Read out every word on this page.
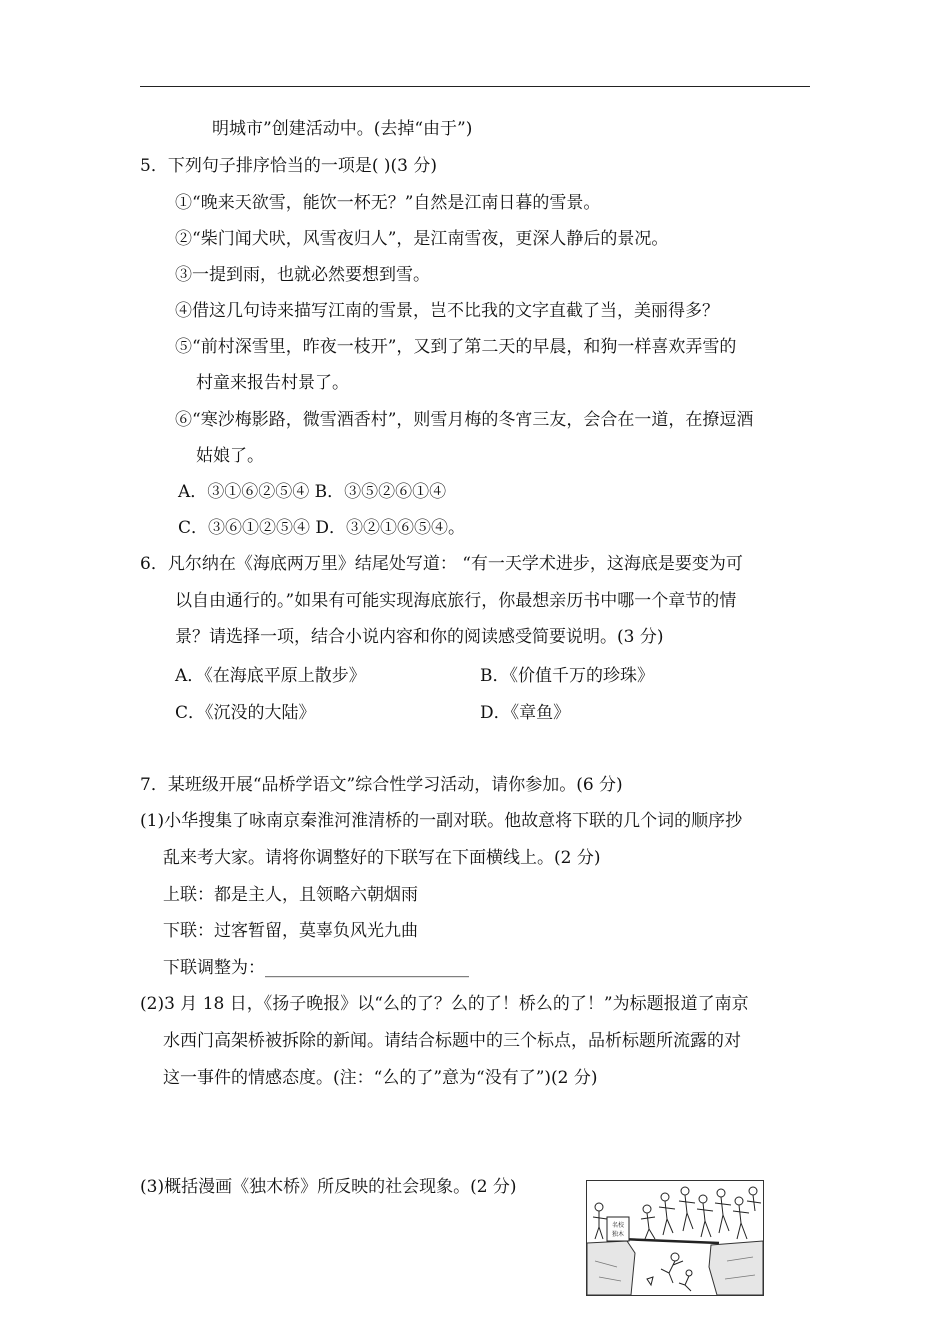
明城市”创建活动中。(去掉“由于”)
5．下列句子排序恰当的一项是( )(3 分)
①“晚来天欲雪，能饮一杯无？”自然是江南日暮的雪景。
②“柴门闻犬吠，风雪夜归人”，是江南雪夜，更深人静后的景况。
③一提到雨，也就必然要想到雪。
④借这几句诗来描写江南的雪景，岂不比我的文字直截了当，美丽得多？
⑤“前村深雪里，昨夜一枝开”，又到了第二天的早晨，和狗一样喜欢弄雪的
村童来报告村景了。
⑥“寒沙梅影路，微雪酒香村”，则雪月梅的冬宵三友，会合在一道，在撩逗酒
姑娘了。
A．③①⑥②⑤④ B．③⑤②⑥①④
C．③⑥①②⑤④ D．③②①⑥⑤④。
6．凡尔纳在《海底两万里》结尾处写道： “有一天学术进步，这海底是要变为可
以自由通行的。”如果有可能实现海底旅行，你最想亲历书中哪一个章节的情
景？请选择一项，结合小说内容和你的阅读感受简要说明。(3 分)
A．《在海底平原上散步》	B．《价值千万的珍珠》
C．《沉没的大陆》	D．《章鱼》
7．某班级开展“品桥学语文”综合性学习活动，请你参加。(6 分)
(1)小华搜集了咏南京秦淮河淮清桥的一副对联。他故意将下联的几个词的顺序抄
乱来考大家。请将你调整好的下联写在下面横线上。(2 分)
上联：都是主人，且领略六朝烟雨
下联：过客暂留，莫辜负风光九曲
下联调整为：________________________
(2)3 月 18 日，《扬子晚报》以“么的了？么的了！桥么的了！”为标题报道了南京
水西门高架桥被拆除的新闻。请结合标题中的三个标点，品析标题所流露的对
这一事件的情感态度。(注：“么的了”意为“没有了”)(2 分)
(3)概括漫画《独木桥》所反映的社会现象。(2 分)
名校
独木
